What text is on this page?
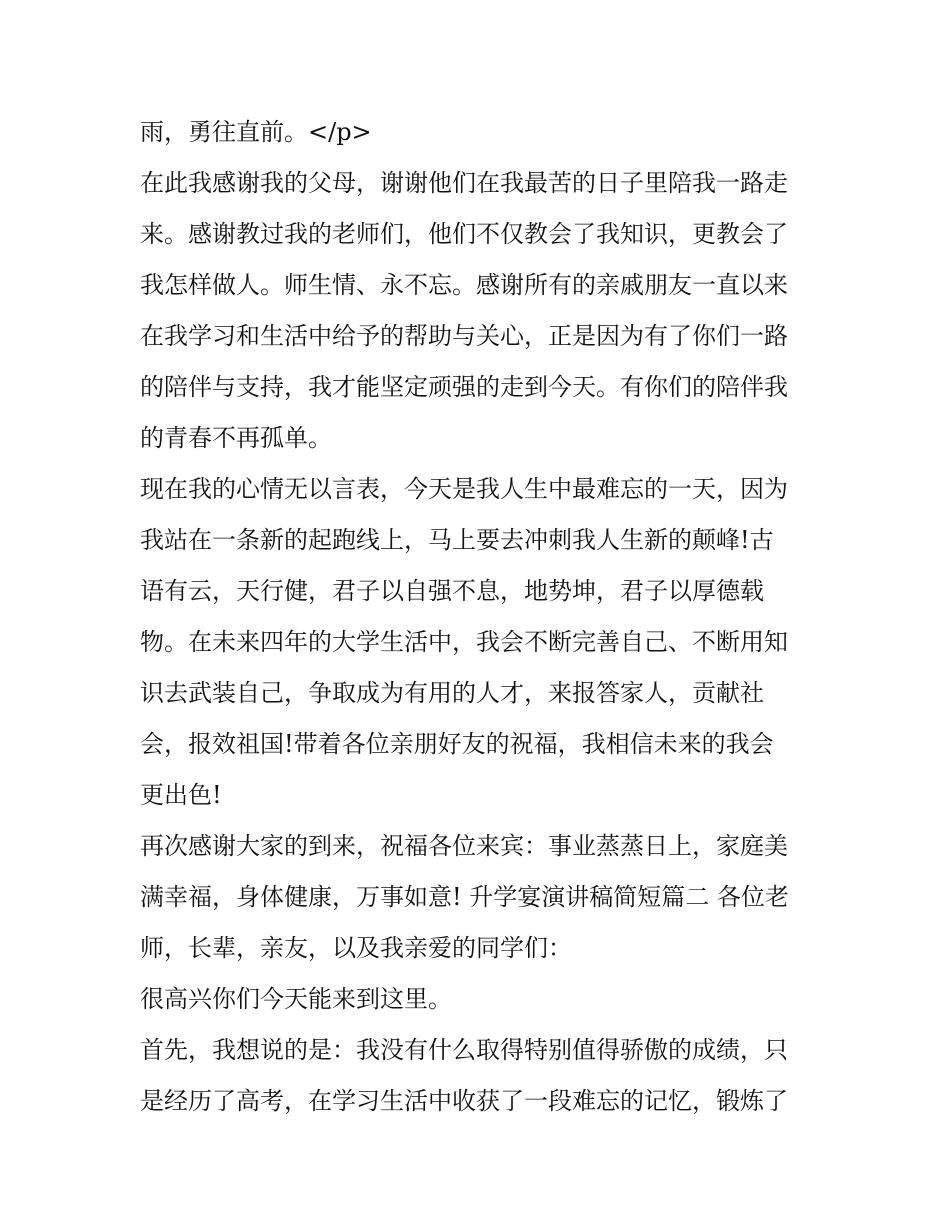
雨，勇往直前。</p>
在此我感谢我的父母，谢谢他们在我最苦的日子里陪我一路走
来。感谢教过我的老师们，他们不仅教会了我知识，更教会了
我怎样做人。师生情、永不忘。感谢所有的亲戚朋友一直以来
在我学习和生活中给予的帮助与关心，正是因为有了你们一路
的陪伴与支持，我才能坚定顽强的走到今天。有你们的陪伴我
的青春不再孤单。
现在我的心情无以言表，今天是我人生中最难忘的一天，因为
我站在一条新的起跑线上，马上要去冲刺我人生新的颠峰!古
语有云，天行健，君子以自强不息，地势坤，君子以厚德载
物。在未来四年的大学生活中，我会不断完善自己、不断用知
识去武装自己，争取成为有用的人才，来报答家人，贡献社
会，报效祖国!带着各位亲朋好友的祝福，我相信未来的我会
更出色!
再次感谢大家的到来，祝福各位来宾：事业蒸蒸日上，家庭美
满幸福，身体健康，万事如意! 升学宴演讲稿简短篇二 各位老
师，长辈，亲友，以及我亲爱的同学们：
很高兴你们今天能来到这里。
首先，我想说的是：我没有什么取得特别值得骄傲的成绩，只
是经历了高考，在学习生活中收获了一段难忘的记忆，锻炼了
